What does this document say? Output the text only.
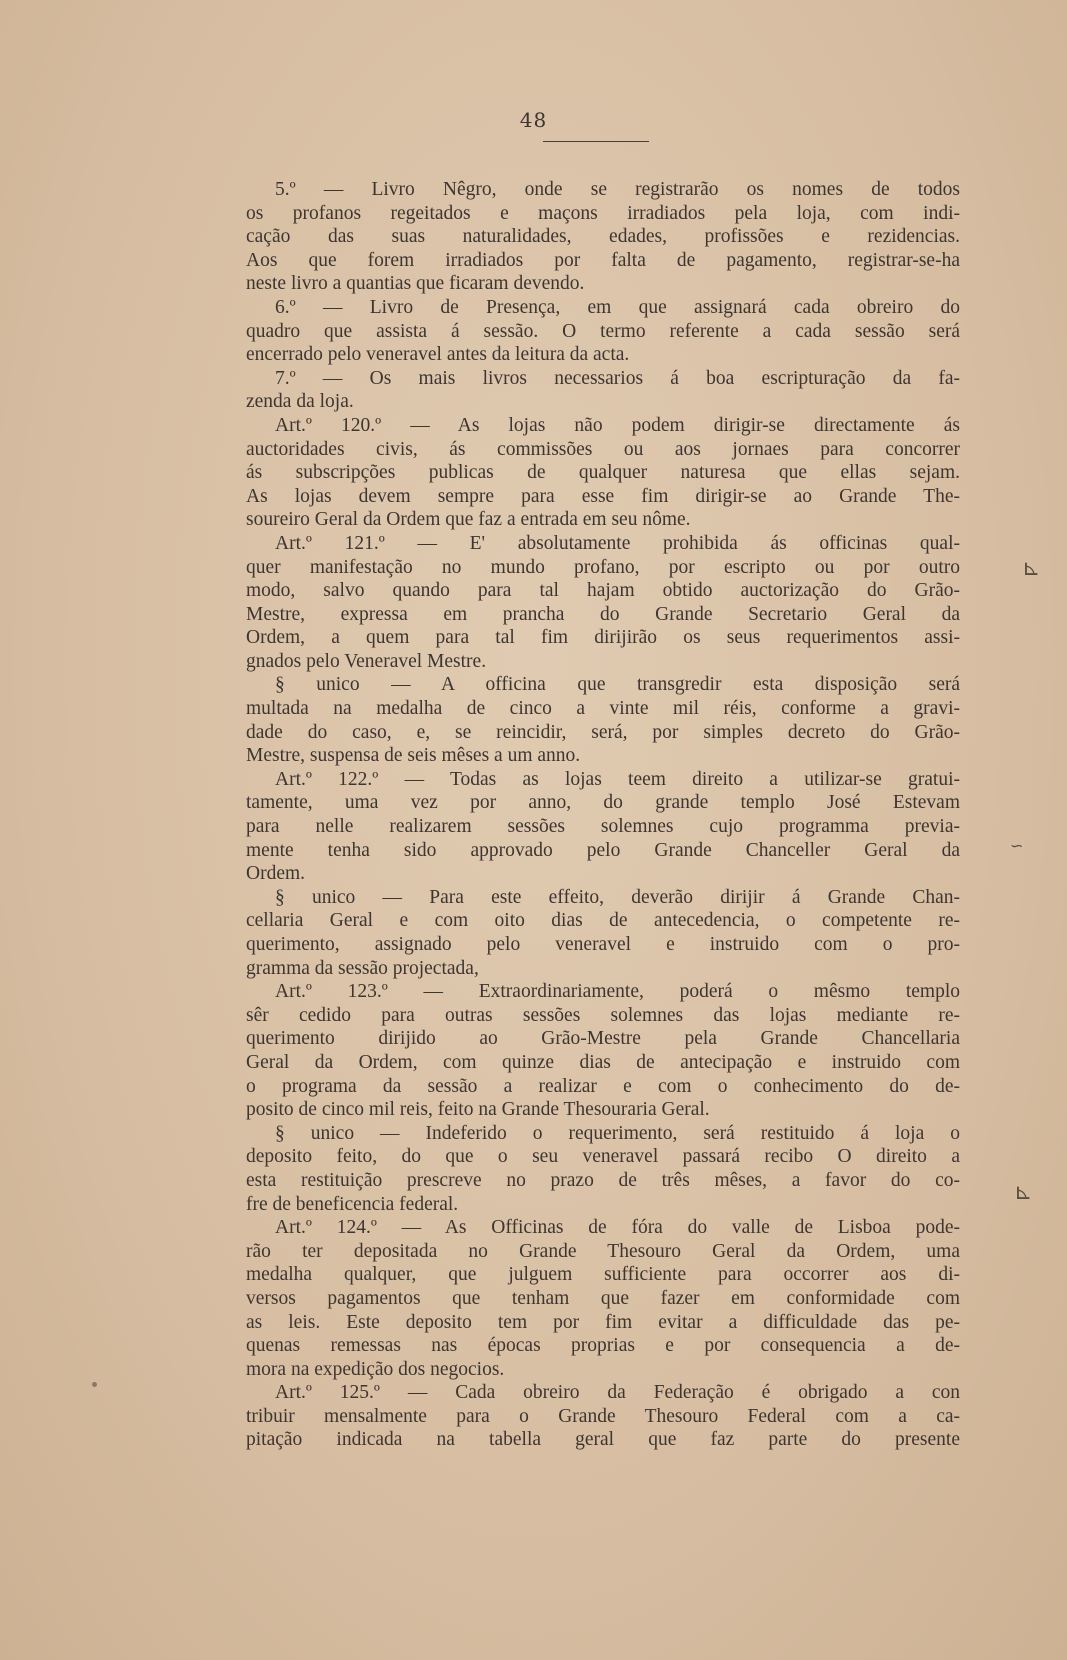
48
5.º — Livro Nêgro, onde se registrarão os nomes de todos
os profanos regeitados e maçons irradiados pela loja, com indi-
cação das suas naturalidades, edades, profissões e rezidencias.
Aos que forem irradiados por falta de pagamento, registrar-se-ha
neste livro a quantias que ficaram devendo.
6.º — Livro de Presença, em que assignará cada obreiro do
quadro que assista á sessão. O termo referente a cada sessão será
encerrado pelo veneravel antes da leitura da acta.
7.º — Os mais livros necessarios á boa escripturação da fa-
zenda da loja.
Art.º 120.º — As lojas não podem dirigir-se directamente ás
auctoridades civis, ás commissões ou aos jornaes para concorrer
ás subscripções publicas de qualquer naturesa que ellas sejam.
As lojas devem sempre para esse fim dirigir-se ao Grande The-
soureiro Geral da Ordem que faz a entrada em seu nôme.
Art.º 121.º — E' absolutamente prohibida ás officinas qual-
quer manifestação no mundo profano, por escripto ou por outro
modo, salvo quando para tal hajam obtido auctorização do Grão-
Mestre, expressa em prancha do Grande Secretario Geral da
Ordem, a quem para tal fim dirijirão os seus requerimentos assi-
gnados pelo Veneravel Mestre.
§ unico — A officina que transgredir esta disposição será
multada na medalha de cinco a vinte mil réis, conforme a gravi-
dade do caso, e, se reincidir, será, por simples decreto do Grão-
Mestre, suspensa de seis mêses a um anno.
Art.º 122.º — Todas as lojas teem direito a utilizar-se gratui-
tamente, uma vez por anno, do grande templo José Estevam
para nelle realizarem sessões solemnes cujo programma previa-
mente tenha sido approvado pelo Grande Chanceller Geral da
Ordem.
§ unico — Para este effeito, deverão dirijir á Grande Chan-
cellaria Geral e com oito dias de antecedencia, o competente re-
querimento, assignado pelo veneravel e instruido com o pro-
gramma da sessão projectada,
Art.º 123.º — Extraordinariamente, poderá o mêsmo templo
sêr cedido para outras sessões solemnes das lojas mediante re-
querimento dirijido ao Grão-Mestre pela Grande Chancellaria
Geral da Ordem, com quinze dias de antecipação e instruido com
o programa da sessão a realizar e com o conhecimento do de-
posito de cinco mil reis, feito na Grande Thesouraria Geral.
§ unico — Indeferido o requerimento, será restituido á loja o
deposito feito, do que o seu veneravel passará recibo O direito a
esta restituição prescreve no prazo de três mêses, a favor do co-
fre de beneficencia federal.
Art.º 124.º — As Officinas de fóra do valle de Lisboa pode-
rão ter depositada no Grande Thesouro Geral da Ordem, uma
medalha qualquer, que julguem sufficiente para occorrer aos di-
versos pagamentos que tenham que fazer em conformidade com
as leis. Este deposito tem por fim evitar a difficuldade das pe-
quenas remessas nas épocas proprias e por consequencia a de-
mora na expedição dos negocios.
Art.º 125.º — Cada obreiro da Federação é obrigado a con
tribuir mensalmente para o Grande Thesouro Federal com a ca-
pitação indicada na tabella geral que faz parte do presente
⊾
∽
⊾
